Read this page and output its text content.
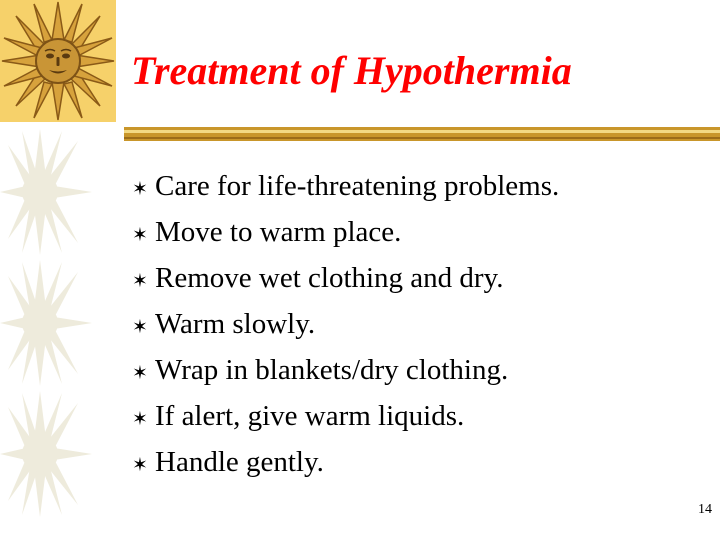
Treatment of Hypothermia
✶ Care for life-threatening problems.
✶ Move to warm place.
✶ Remove wet clothing and dry.
✶ Warm slowly.
✶ Wrap in blankets/dry clothing.
✶ If alert, give warm liquids.
✶ Handle gently.
14
